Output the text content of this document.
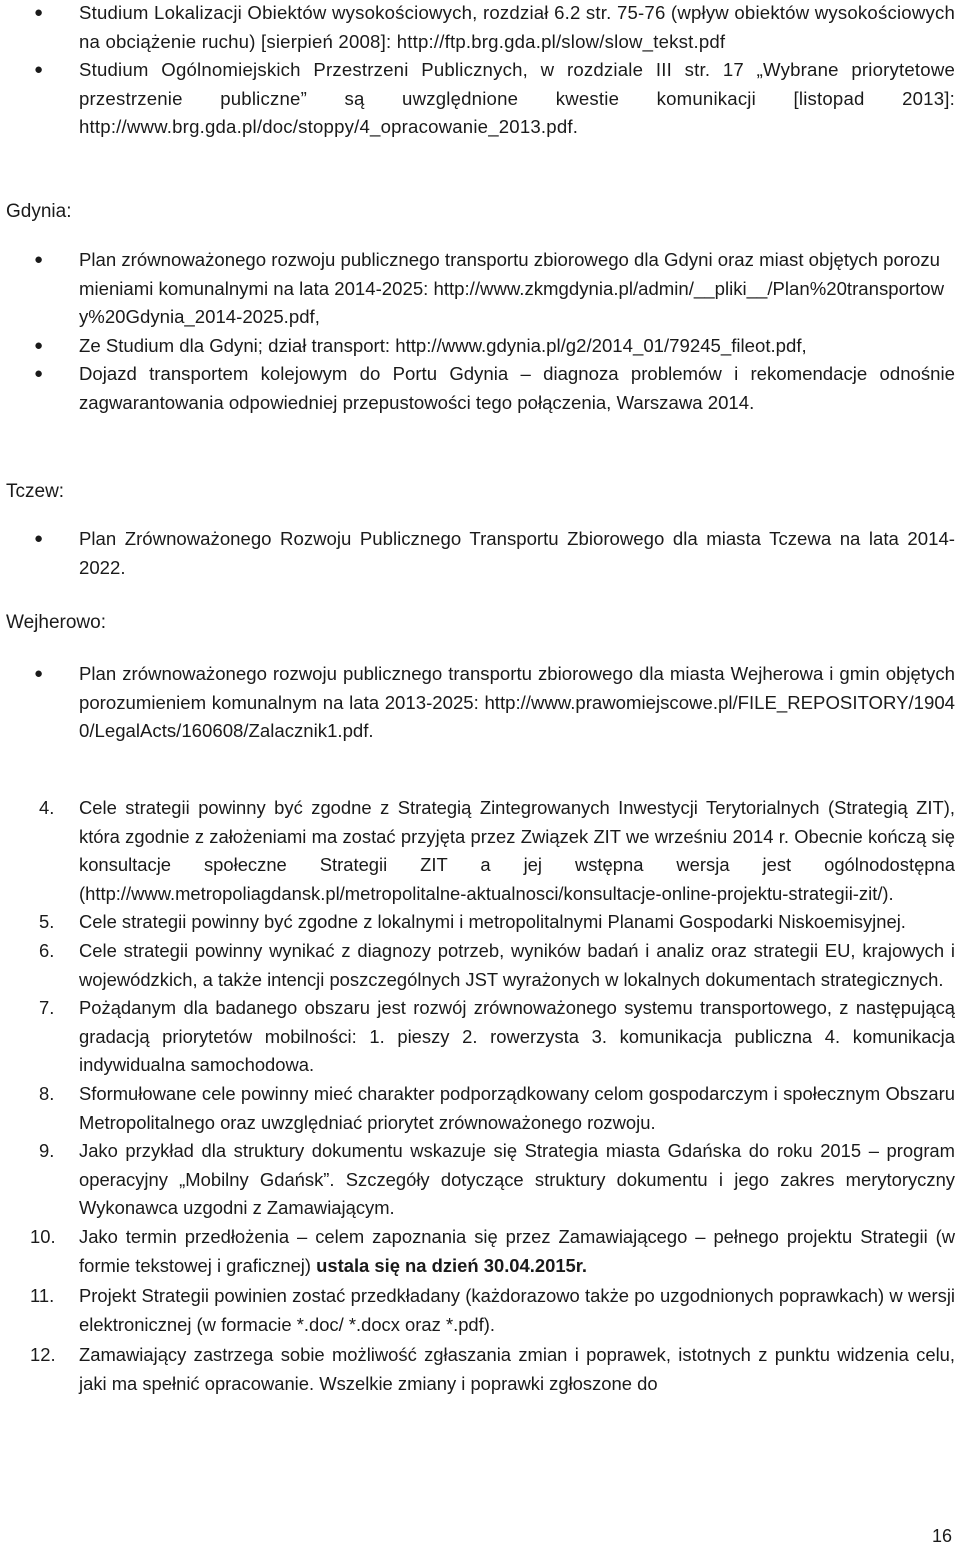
● Studium Lokalizacji Obiektów wysokościowych, rozdział 6.2 str. 75-76 (wpływ obiektów wysokościowych na obciążenie ruchu) [sierpień 2008]: http://ftp.brg.gda.pl/slow/slow_tekst.pdf
● Studium Ogólnomiejskich Przestrzeni Publicznych, w rozdziale III str. 17 „Wybrane priorytetowe przestrzenie publiczne” są uwzględnione kwestie komunikacji [listopad 2013]: http://www.brg.gda.pl/doc/stoppy/4_opracowanie_2013.pdf.
Gdynia:
● Plan zrównoważonego rozwoju publicznego transportu zbiorowego dla Gdyni oraz miast objętych porozumieniami komunalnymi na lata 2014-2025: http://www.zkmgdynia.pl/admin/__pliki__/Plan%20transportowy%20Gdynia_2014-2025.pdf,
● Ze Studium dla Gdyni; dział transport: http://www.gdynia.pl/g2/2014_01/79245_fileot.pdf,
● Dojazd transportem kolejowym do Portu Gdynia – diagnoza problemów i rekomendacje odnośnie zagwarantowania odpowiedniej przepustowości tego połączenia, Warszawa 2014.
Tczew:
● Plan Zrównoważonego Rozwoju Publicznego Transportu Zbiorowego dla miasta Tczewa na lata 2014-2022.
Wejherowo:
● Plan zrównoważonego rozwoju publicznego transportu zbiorowego dla miasta Wejherowa i gmin objętych porozumieniem komunalnym na lata 2013-2025: http://www.prawomiejscowe.pl/FILE_REPOSITORY/19040/LegalActs/160608/Zalacznik1.pdf.
4. Cele strategii powinny być zgodne z Strategią Zintegrowanych Inwestycji Terytorialnych (Strategią ZIT), która zgodnie z założeniami ma zostać przyjęta przez Związek ZIT we wrześniu 2014 r. Obecnie kończą się konsultacje społeczne Strategii ZIT a jej wstępna wersja jest ogólnodostępna (http://www.metropoliagdansk.pl/metropolitalne-aktualnosci/konsultacje-online-projektu-strategii-zit/).
5. Cele strategii powinny być zgodne z lokalnymi i metropolitalnymi Planami Gospodarki Niskoemisyjnej.
6. Cele strategii powinny wynikać z diagnozy potrzeb, wyników badań i analiz oraz strategii EU, krajowych i wojewódzkich, a także intencji poszczególnych JST wyrażonych w lokalnych dokumentach strategicznych.
7. Pożądanym dla badanego obszaru jest rozwój zrównoważonego systemu transportowego, z następującą gradacją priorytetów mobilności: 1. pieszy 2. rowerzysta 3. komunikacja publiczna 4. komunikacja indywidualna samochodowa.
8. Sformułowane cele powinny mieć charakter podporządkowany celom gospodarczym i społecznym Obszaru Metropolitalnego oraz uwzględniać priorytet zrównoważonego rozwoju.
9. Jako przykład dla struktury dokumentu wskazuje się Strategia miasta Gdańska do roku 2015 – program operacyjny „Mobilny Gdańsk”. Szczegóły dotyczące struktury dokumentu i jego zakres merytoryczny Wykonawca uzgodni z Zamawiającym.
10. Jako termin przedłożenia – celem zapoznania się przez Zamawiającego – pełnego projektu Strategii (w formie tekstowej i graficznej) ustala się na dzień 30.04.2015r.
11. Projekt Strategii powinien zostać przedkładany (każdorazowo także po uzgodnionych poprawkach) w wersji elektronicznej (w formacie *.doc/ *.docx oraz *.pdf).
12. Zamawiający zastrzega sobie możliwość zgłaszania zmian i poprawek, istotnych z punktu widzenia celu, jaki ma spełnić opracowanie. Wszelkie zmiany i poprawki zgłoszone do
16
